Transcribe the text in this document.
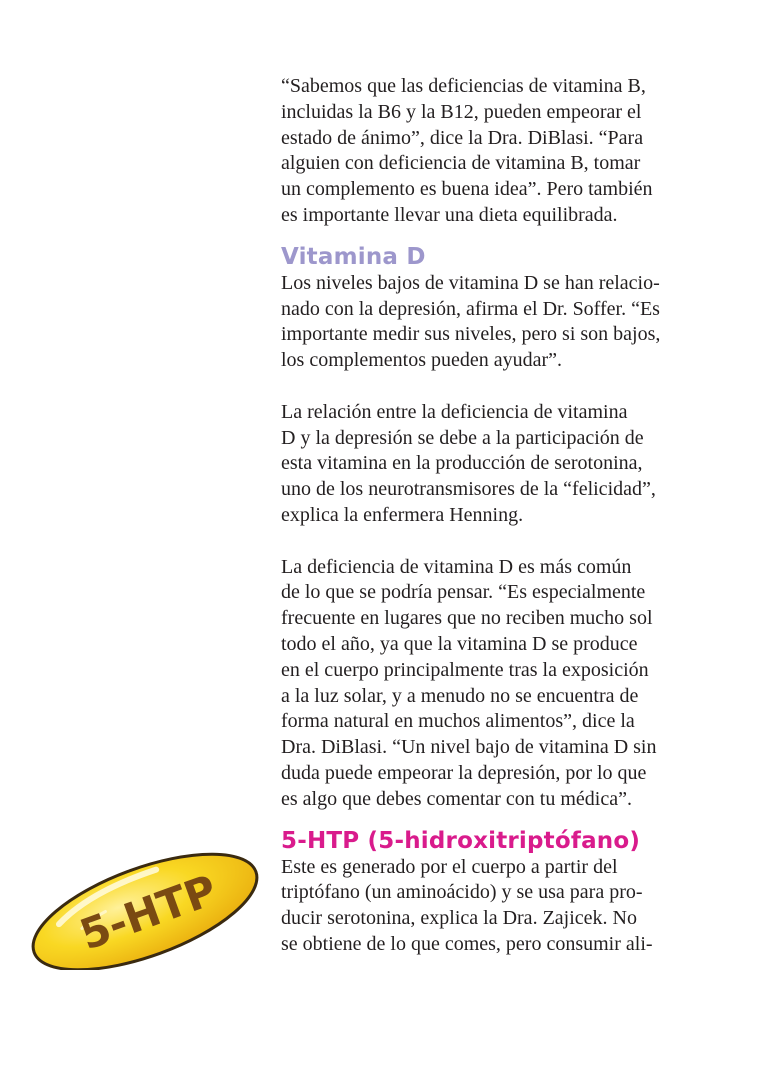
“Sabemos que las deficiencias de vitamina B,
incluidas la B6 y la B12, pueden empeorar el
estado de ánimo”, dice la Dra. DiBlasi. “Para
alguien con deficiencia de vitamina B, tomar
un complemento es buena idea”. Pero también
es importante llevar una dieta equilibrada.

Vitamina D

Los niveles bajos de vitamina D se han relacio-
nado con la depresión, afirma el Dr. Soffer. “Es
importante medir sus niveles, pero si son bajos,
los complementos pueden ayudar”.

La relación entre la deficiencia de vitamina
D y la depresión se debe a la participación de
esta vitamina en la producción de serotonina,
uno de los neurotransmisores de la “felicidad”,
explica la enfermera Henning.

La deficiencia de vitamina D es más común
de lo que se podría pensar. “Es especialmente
frecuente en lugares que no reciben mucho sol
todo el año, ya que la vitamina D se produce
en el cuerpo principalmente tras la exposición
a la luz solar, y a menudo no se encuentra de
forma natural en muchos alimentos”, dice la
Dra. DiBlasi. “Un nivel bajo de vitamina D sin
duda puede empeorar la depresión, por lo que
es algo que debes comentar con tu médica”.

5-HTP (5-hidroxitriptófano)

Este es generado por el cuerpo a partir del
triptófano (un aminoácido) y se usa para pro-
ducir serotonina, explica la Dra. Zajicek. No
se obtiene de lo que comes, pero consumir ali-

5-HTP
